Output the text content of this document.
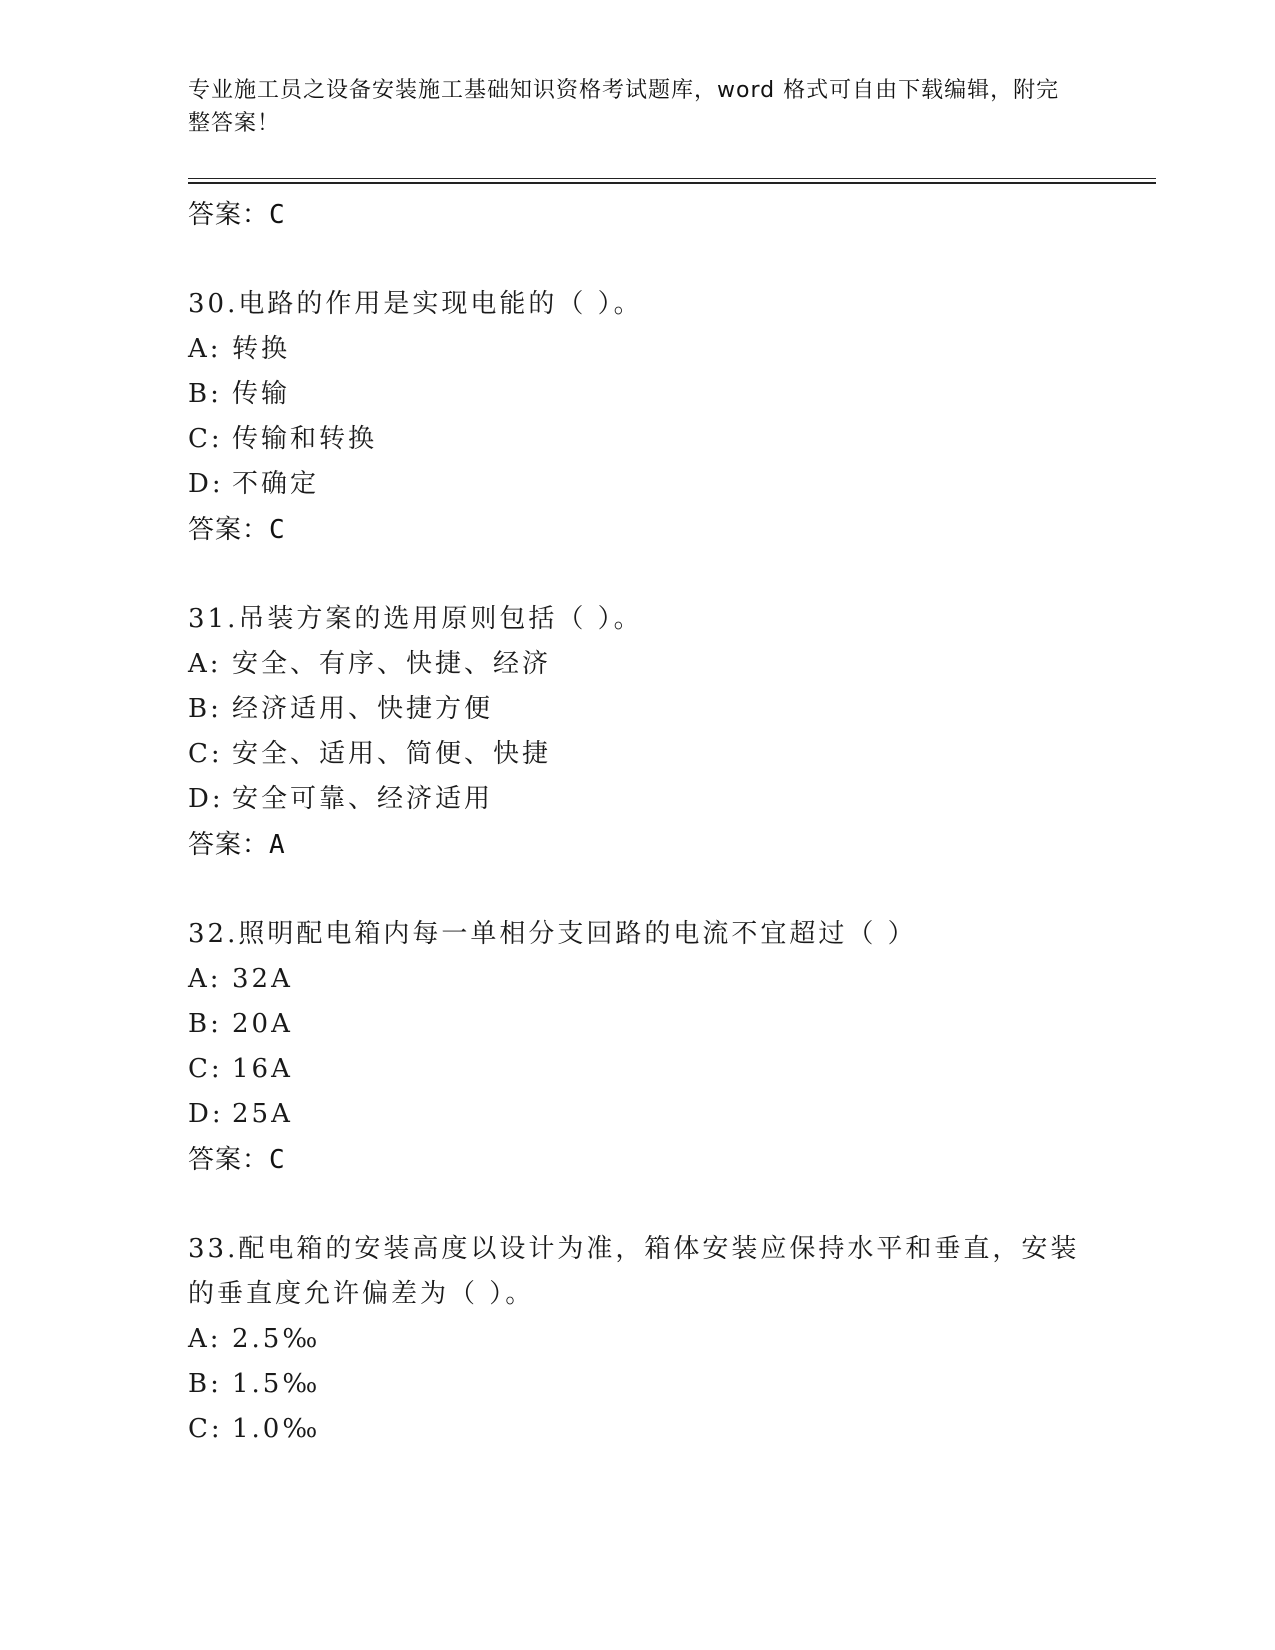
专业施工员之设备安装施工基础知识资格考试题库，word 格式可自由下载编辑，附完整答案！
答案：C
30.电路的作用是实现电能的（ ）。
A: 转换
B: 传输
C: 传输和转换
D: 不确定
答案：C
31.吊装方案的选用原则包括（ ）。
A: 安全、有序、快捷、经济
B: 经济适用、快捷方便
C: 安全、适用、简便、快捷
D: 安全可靠、经济适用
答案：A
32.照明配电箱内每一单相分支回路的电流不宜超过（ ）
A: 32A
B: 20A
C: 16A
D: 25A
答案：C
33.配电箱的安装高度以设计为准，箱体安装应保持水平和垂直，安装的垂直度允许偏差为（ ）。
A: 2.5‰
B: 1.5‰
C: 1.0‰
